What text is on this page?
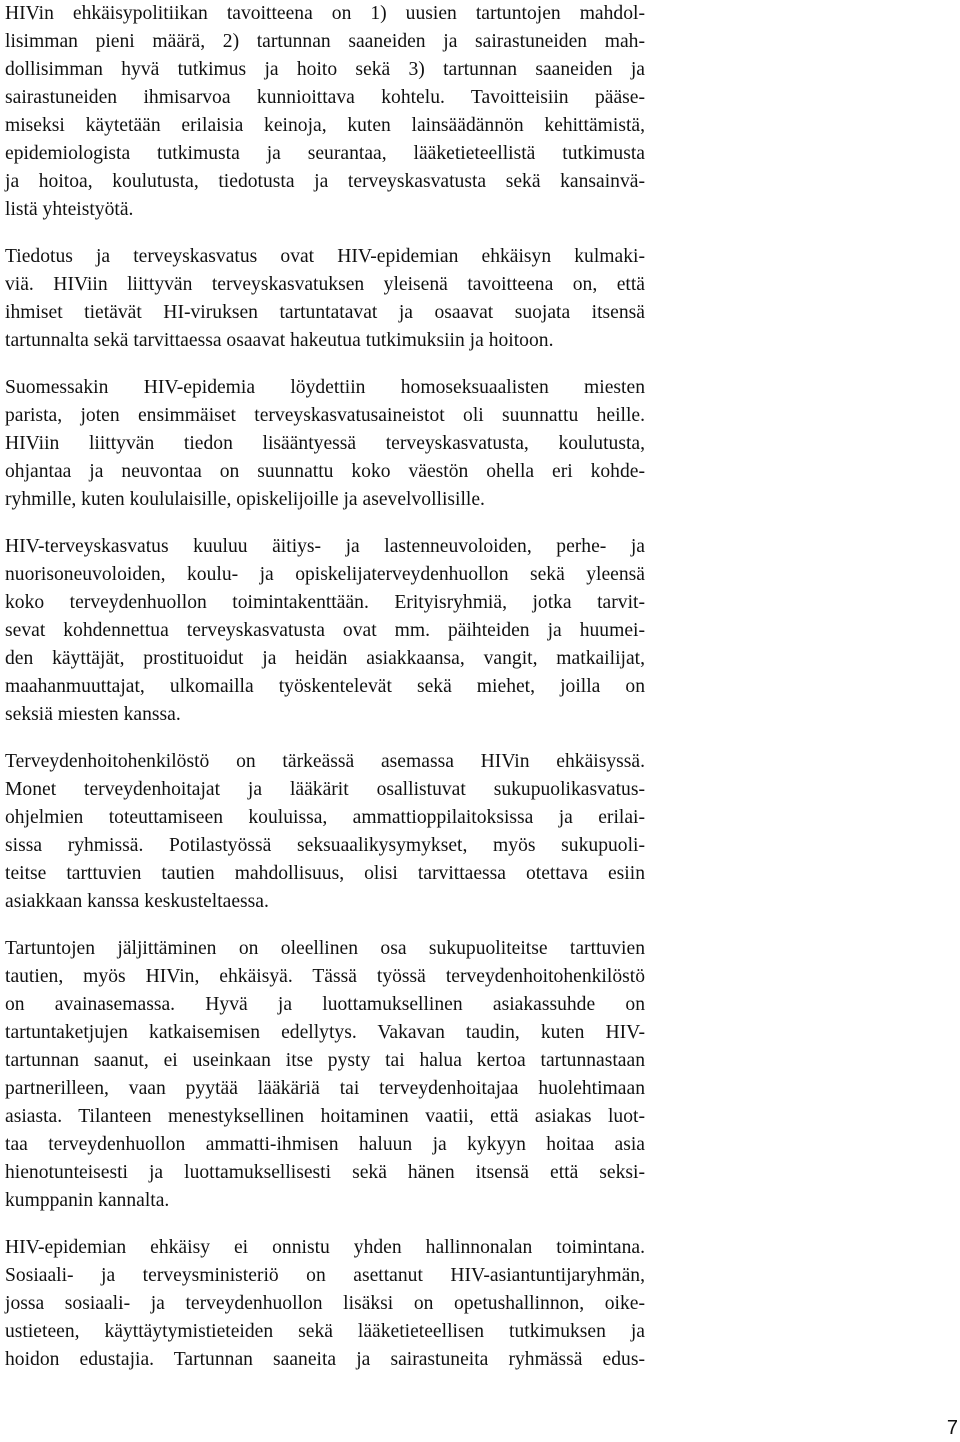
HIVin ehkäisypolitiikan tavoitteena on 1) uusien tartuntojen mahdol-
lisimman pieni määrä, 2) tartunnan saaneiden ja sairastuneiden mah-
dollisimman hyvä tutkimus ja hoito sekä 3) tartunnan saaneiden ja
sairastuneiden ihmisarvoa kunnioittava kohtelu. Tavoitteisiin pääse-
miseksi käytetään erilaisia keinoja, kuten lainsäädännön kehittämistä,
epidemiologista tutkimusta ja seurantaa, lääketieteellistä tutkimusta
ja hoitoa, koulutusta, tiedotusta ja terveyskasvatusta sekä kansainvä-
listä yhteistyötä.
Tiedotus ja terveyskasvatus ovat HIV-epidemian ehkäisyn kulmaki-
viä. HIViin liittyvän terveyskasvatuksen yleisenä tavoitteena on, että
ihmiset tietävät HI-viruksen tartuntatavat ja osaavat suojata itsensä
tartunnalta sekä tarvittaessa osaavat hakeutua tutkimuksiin ja hoitoon.
Suomessakin HIV-epidemia löydettiin homoseksuaalisten miesten
parista, joten ensimmäiset terveyskasvatusaineistot oli suunnattu heille.
HIViin liittyvän tiedon lisääntyessä terveyskasvatusta, koulutusta,
ohjantaa ja neuvontaa on suunnattu koko väestön ohella eri kohde-
ryhmille, kuten koululaisille, opiskelijoille ja asevelvollisille.
HIV-terveyskasvatus kuuluu äitiys- ja lastenneuvoloiden, perhe- ja
nuorisoneuvoloiden, koulu- ja opiskelijaterveydenhuollon sekä yleensä
koko terveydenhuollon toimintakenttään. Erityisryhmiä, jotka tarvit-
sevat kohdennettua terveyskasvatusta ovat mm. päihteiden ja huumei-
den käyttäjät, prostituoidut ja heidän asiakkaansa, vangit, matkailijat,
maahanmuuttajat, ulkomailla työskentelevät sekä miehet, joilla on
seksiä miesten kanssa.
Terveydenhoitohenkilöstö on tärkeässä asemassa HIVin ehkäisyssä.
Monet terveydenhoitajat ja lääkärit osallistuvat sukupuolikasvatus-
ohjelmien toteuttamiseen kouluissa, ammattioppilaitoksissa ja erilai-
sissa ryhmissä. Potilastyössä seksuaalikysymykset, myös sukupuoli-
teitse tarttuvien tautien mahdollisuus, olisi tarvittaessa otettava esiin
asiakkaan kanssa keskusteltaessa.
Tartuntojen jäljittäminen on oleellinen osa sukupuoliteitse tarttuvien
tautien, myös HIVin, ehkäisyä. Tässä työssä terveydenhoitohenkilöstö
on avainasemassa. Hyvä ja luottamuksellinen asiakassuhde on
tartuntaketjujen katkaisemisen edellytys. Vakavan taudin, kuten HIV-
tartunnan saanut, ei useinkaan itse pysty tai halua kertoa tartunnastaan
partnerilleen, vaan pyytää lääkäriä tai terveydenhoitajaa huolehtimaan
asiasta. Tilanteen menestyksellinen hoitaminen vaatii, että asiakas luot-
taa terveydenhuollon ammatti-ihmisen haluun ja kykyyn hoitaa asia
hienotunteisesti ja luottamuksellisesti sekä hänen itsensä että seksi-
kumppanin kannalta.
HIV-epidemian ehkäisy ei onnistu yhden hallinnonalan toimintana.
Sosiaali- ja terveysministeriö on asettanut HIV-asiantuntijaryhmän,
jossa sosiaali- ja terveydenhuollon lisäksi on opetushallinnon, oike-
ustieteen, käyttäytymistieteiden sekä lääketieteellisen tutkimuksen ja
hoidon edustajia. Tartunnan saaneita ja sairastuneita ryhmässä edus-
7
